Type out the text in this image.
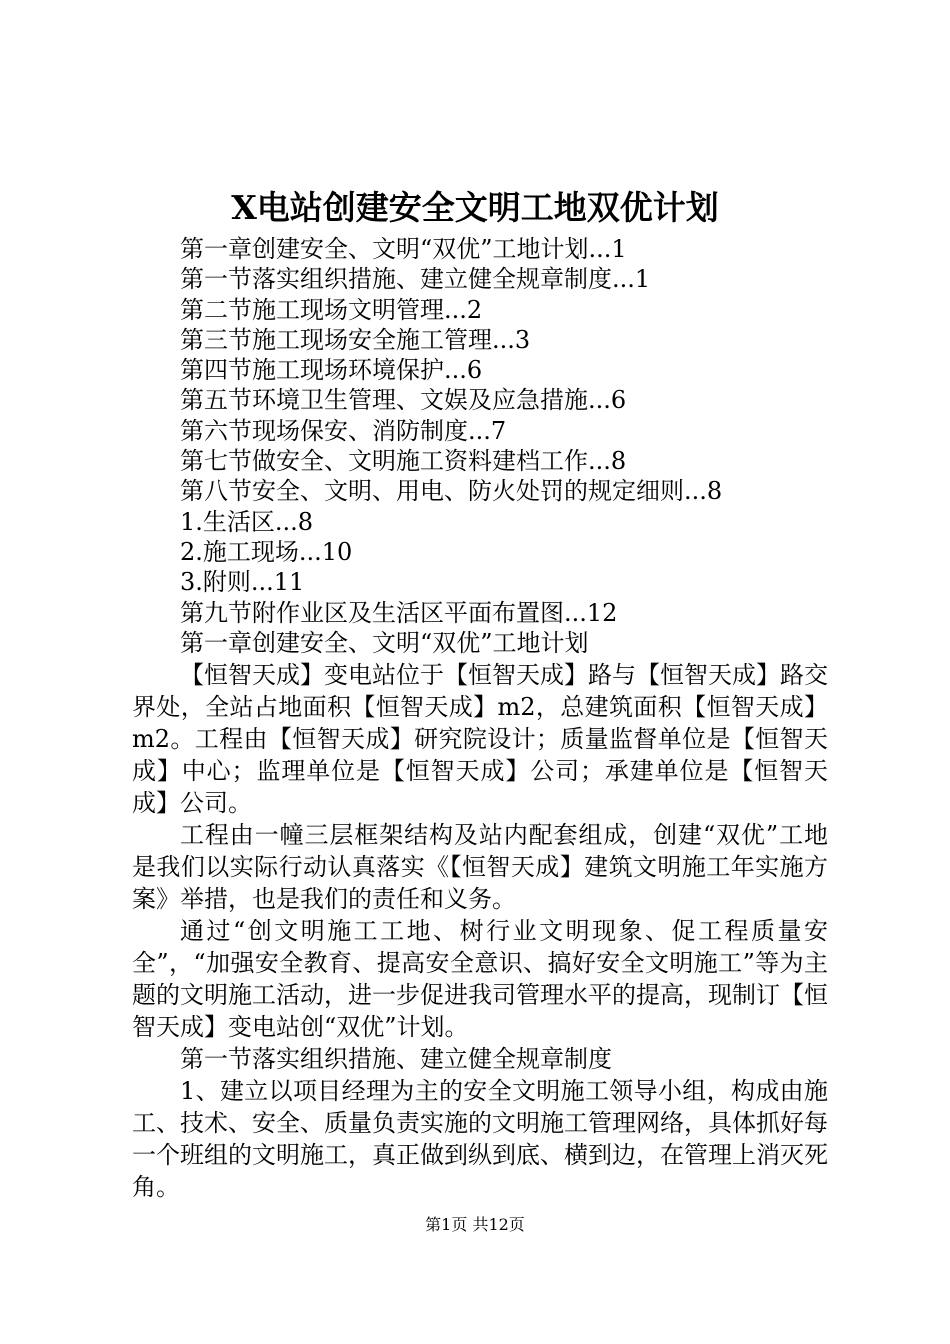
X电站创建安全文明工地双优计划
第一章创建安全、文明“双优”工地计划...1
第一节落实组织措施、建立健全规章制度...1
第二节施工现场文明管理...2
第三节施工现场安全施工管理...3
第四节施工现场环境保护...6
第五节环境卫生管理、文娱及应急措施...6
第六节现场保安、消防制度...7
第七节做安全、文明施工资料建档工作...8
第八节安全、文明、用电、防火处罚的规定细则...8
1.生活区...8
2.施工现场...10
3.附则...11
第九节附作业区及生活区平面布置图...12

第一章创建安全、文明“双优”工地计划

【恒智天成】变电站位于【恒智天成】路与【恒智天成】路交界处，全站占地面积【恒智天成】m2，总建筑面积【恒智天成】m2。工程由【恒智天成】研究院设计；质量监督单位是【恒智天成】中心；监理单位是【恒智天成】公司；承建单位是【恒智天成】公司。

工程由一幢三层框架结构及站内配套组成，创建“双优”工地是我们以实际行动认真落实《【恒智天成】建筑文明施工年实施方案》举措，也是我们的责任和义务。

通过“创文明施工工地、树行业文明现象、促工程质量安全”，“加强安全教育、提高安全意识、搞好安全文明施工”等为主题的文明施工活动，进一步促进我司管理水平的提高，现制订【恒智天成】变电站创“双优”计划。

第一节落实组织措施、建立健全规章制度

1、建立以项目经理为主的安全文明施工领导小组，构成由施工、技术、安全、质量负责实施的文明施工管理网络，具体抓好每一个班组的文明施工，真正做到纵到底、横到边，在管理上消灭死角。

第1页 共12页
